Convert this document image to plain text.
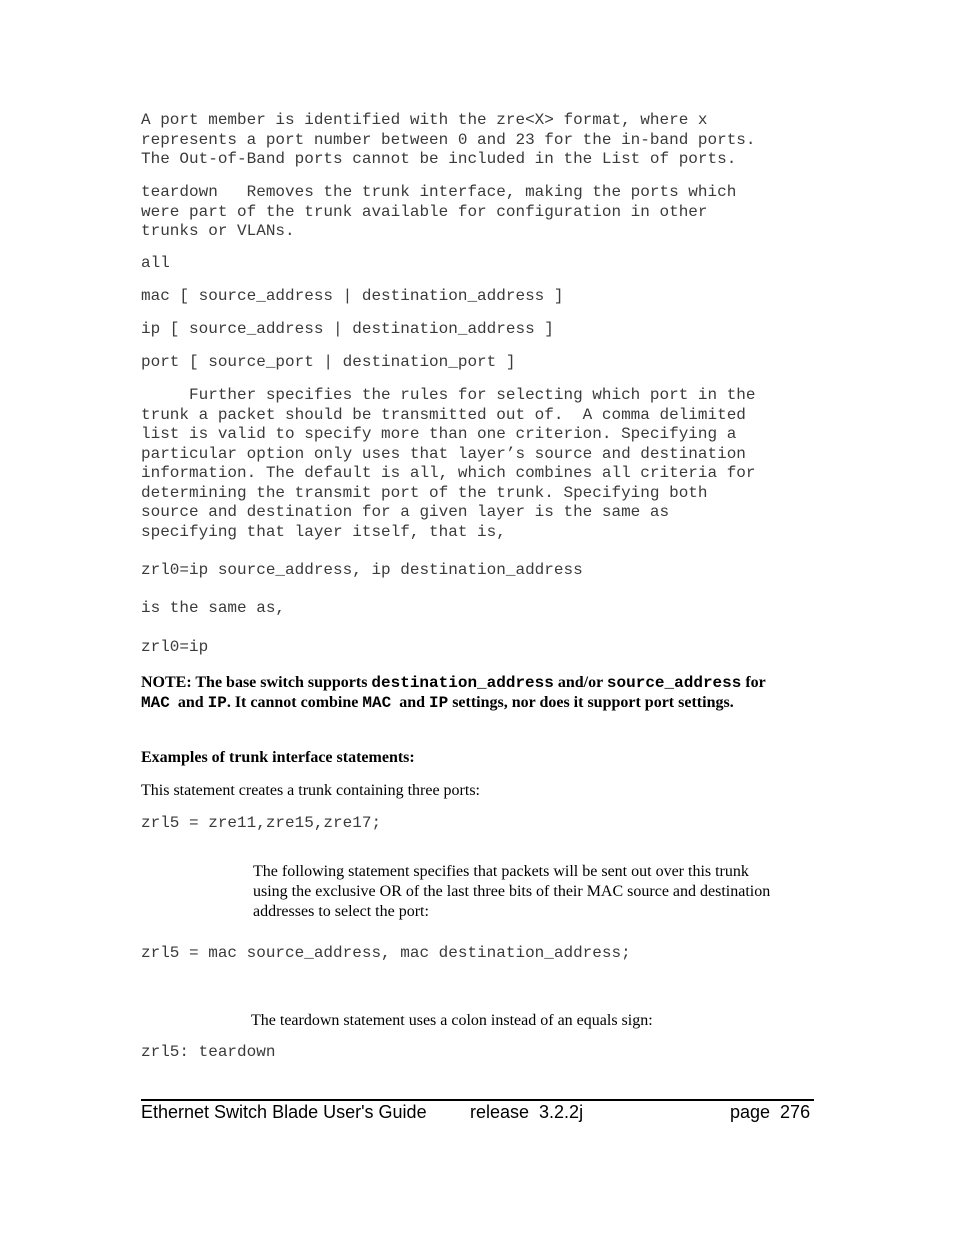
A port member is identified with the zre<X> format, where x
represents a port number between 0 and 23 for the in-band ports.
The Out-of-Band ports cannot be included in the List of ports.

teardown   Removes the trunk interface, making the ports which
were part of the trunk available for configuration in other
trunks or VLANs.

all

mac [ source_address | destination_address ]

ip [ source_address | destination_address ]

port [ source_port | destination_port ]

Further specifies the rules for selecting which port in the
trunk a packet should be transmitted out of.  A comma delimited
list is valid to specify more than one criterion. Specifying a
particular option only uses that layer’s source and destination
information. The default is all, which combines all criteria for
determining the transmit port of the trunk. Specifying both
source and destination for a given layer is the same as
specifying that layer itself, that is,

zrl0=ip source_address, ip destination_address

is the same as,

zrl0=ip

NOTE: The base switch supports destination_address and/or source_address for
MAC  and IP. It cannot combine MAC  and IP settings, nor does it support port settings.

Examples of trunk interface statements:

This statement creates a trunk containing three ports:

zrl5 = zre11,zre15,zre17;

The following statement specifies that packets will be sent out over this trunk
using the exclusive OR of the last three bits of their MAC source and destination
addresses to select the port:

zrl5 = mac source_address, mac destination_address;

The teardown statement uses a colon instead of an equals sign:

zrl5: teardown

Ethernet Switch Blade User's Guide release  3.2.2j	page  276
